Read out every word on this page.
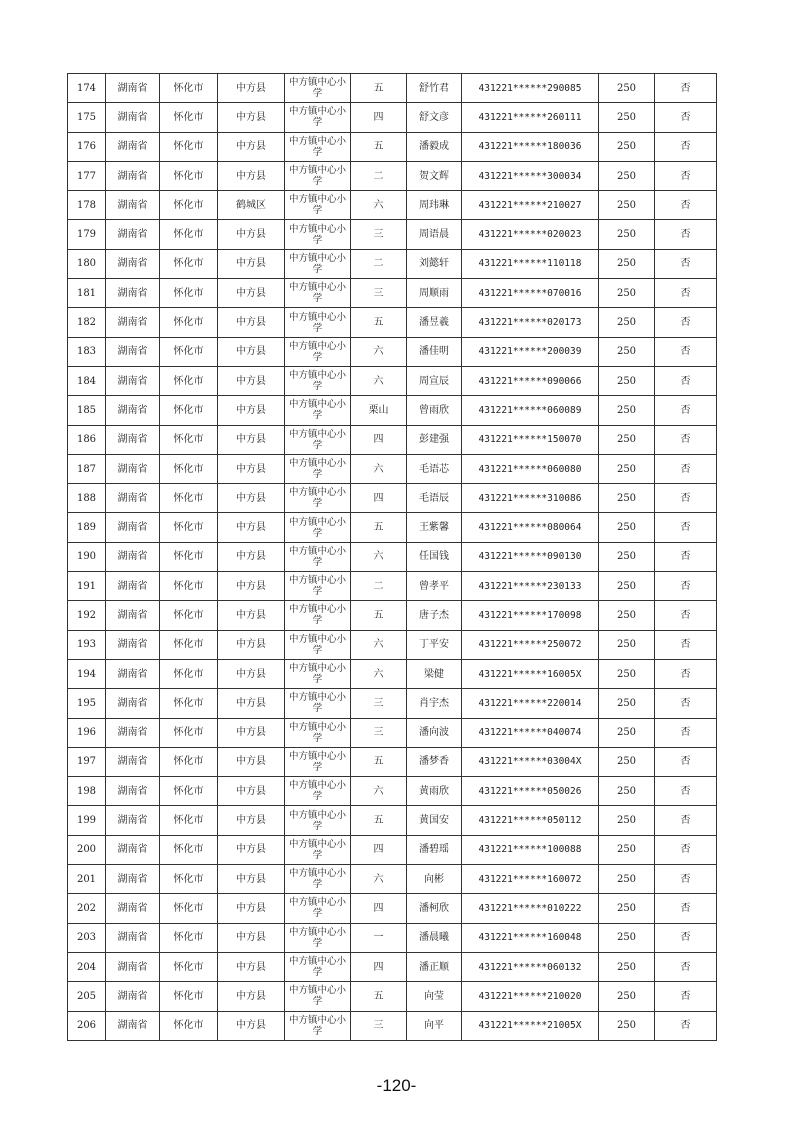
174	湖南省	怀化市	中方县	中方镇中心小学	五	舒竹君	431221******290085	250	否
175	湖南省	怀化市	中方县	中方镇中心小学	四	舒文彦	431221******260111	250	否
176	湖南省	怀化市	中方县	中方镇中心小学	五	潘毅成	431221******180036	250	否
177	湖南省	怀化市	中方县	中方镇中心小学	二	贺文辉	431221******300034	250	否
178	湖南省	怀化市	鹤城区	中方镇中心小学	六	周玮琳	431221******210027	250	否
179	湖南省	怀化市	中方县	中方镇中心小学	三	周语晨	431221******020023	250	否
180	湖南省	怀化市	中方县	中方镇中心小学	二	刘懿轩	431221******110118	250	否
181	湖南省	怀化市	中方县	中方镇中心小学	三	周顺雨	431221******070016	250	否
182	湖南省	怀化市	中方县	中方镇中心小学	五	潘昱羲	431221******020173	250	否
183	湖南省	怀化市	中方县	中方镇中心小学	六	潘佳明	431221******200039	250	否
184	湖南省	怀化市	中方县	中方镇中心小学	六	周宣辰	431221******090066	250	否
185	湖南省	怀化市	中方县	中方镇中心小学	栗山	曾雨欣	431221******060089	250	否
186	湖南省	怀化市	中方县	中方镇中心小学	四	彭建强	431221******150070	250	否
187	湖南省	怀化市	中方县	中方镇中心小学	六	毛语芯	431221******060080	250	否
188	湖南省	怀化市	中方县	中方镇中心小学	四	毛语辰	431221******310086	250	否
189	湖南省	怀化市	中方县	中方镇中心小学	五	王紫馨	431221******080064	250	否
190	湖南省	怀化市	中方县	中方镇中心小学	六	任国钱	431221******090130	250	否
191	湖南省	怀化市	中方县	中方镇中心小学	二	曾孝平	431221******230133	250	否
192	湖南省	怀化市	中方县	中方镇中心小学	五	唐子杰	431221******170098	250	否
193	湖南省	怀化市	中方县	中方镇中心小学	六	丁平安	431221******250072	250	否
194	湖南省	怀化市	中方县	中方镇中心小学	六	梁健	431221******16005X	250	否
195	湖南省	怀化市	中方县	中方镇中心小学	三	肖宇杰	431221******220014	250	否
196	湖南省	怀化市	中方县	中方镇中心小学	三	潘向波	431221******040074	250	否
197	湖南省	怀化市	中方县	中方镇中心小学	五	潘梦香	431221******03004X	250	否
198	湖南省	怀化市	中方县	中方镇中心小学	六	黄雨欣	431221******050026	250	否
199	湖南省	怀化市	中方县	中方镇中心小学	五	黄国安	431221******050112	250	否
200	湖南省	怀化市	中方县	中方镇中心小学	四	潘碧瑶	431221******100088	250	否
201	湖南省	怀化市	中方县	中方镇中心小学	六	向彬	431221******160072	250	否
202	湖南省	怀化市	中方县	中方镇中心小学	四	潘柯欣	431221******010222	250	否
203	湖南省	怀化市	中方县	中方镇中心小学	一	潘晨曦	431221******160048	250	否
204	湖南省	怀化市	中方县	中方镇中心小学	四	潘正顺	431221******060132	250	否
205	湖南省	怀化市	中方县	中方镇中心小学	五	向莹	431221******210020	250	否
206	湖南省	怀化市	中方县	中方镇中心小学	三	向平	431221******21005X	250	否
-120-
